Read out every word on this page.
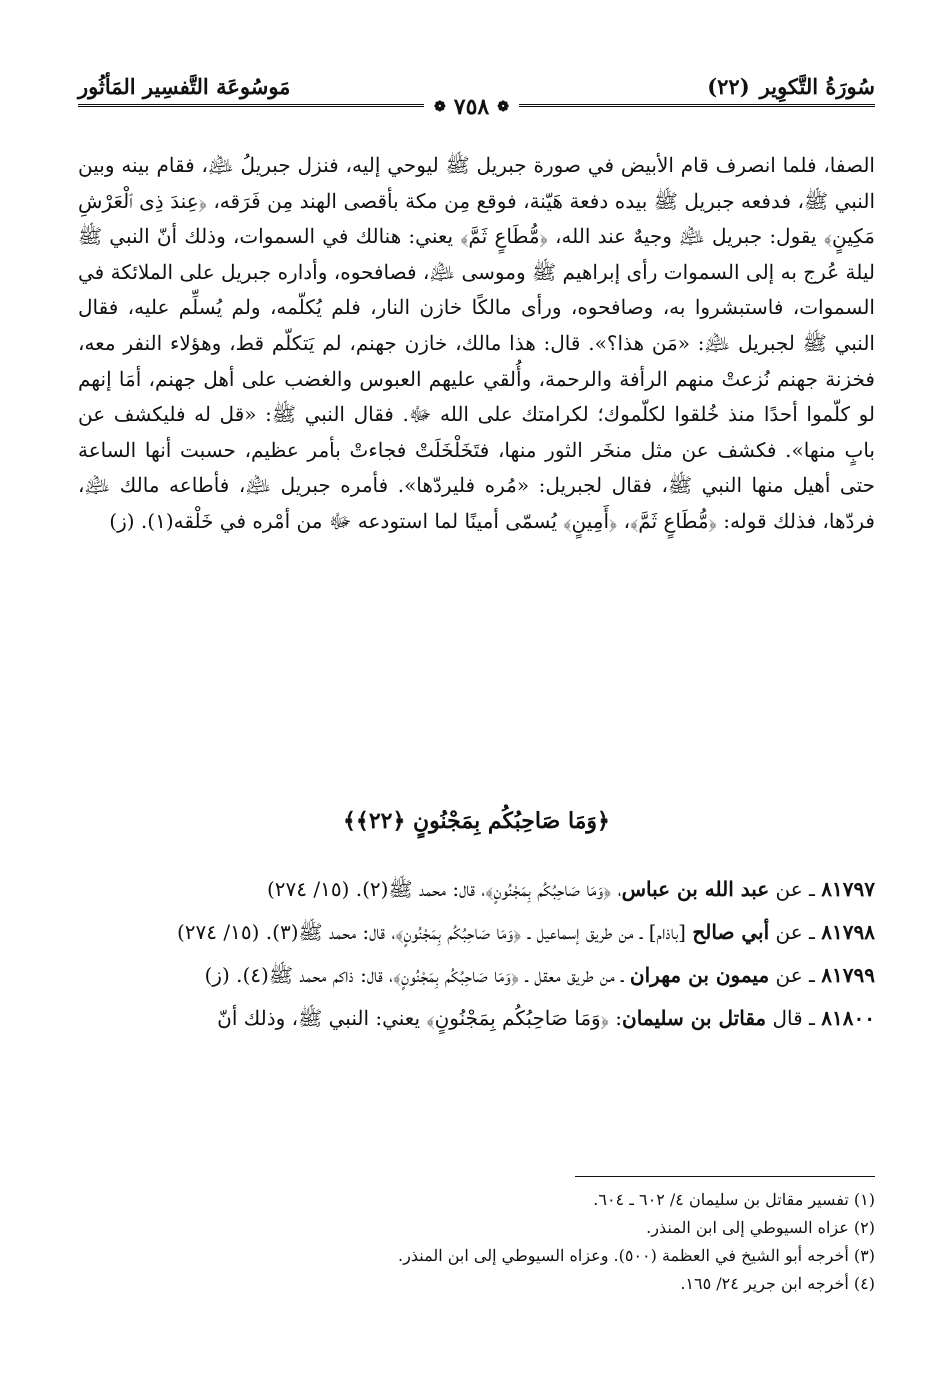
سُورَةُ التَّكوِير
(٢٢)
مَوسُوعَة التَّفسِير المَأثُور
❁
٧٥٨
❁

الصفا، فلما انصرف قام الأبيض في صورة جبريل ﷺ ليوحي إليه، فنزل جبريلُ ﵇، فقام بينه وبين النبي ﷺ، فدفعه جبريل ﷺ بيده دفعة هَيّنة، فوقع مِن مكة بأقصى الهند مِن فَرَقه، ﴿عِندَ ذِى ٱلْعَرْشِ مَكِينٍ﴾ يقول: جبريل ﵇ وجيهٌ عند الله، ﴿مُّطَاعٍ ثَمَّ﴾ يعني: هنالك في السموات، وذلك أنّ النبي ﷺ ليلة عُرج به إلى السموات رأى إبراهيم ﷺ وموسى ﵇، فصافحوه، وأداره جبريل على الملائكة في السموات، فاستبشروا به، وصافحوه، ورأى مالكًا خازن النار، فلم يُكلّمه، ولم يُسلِّم عليه، فقال النبي ﷺ لجبريل ﵇: «مَن هذا؟». قال: هذا مالك، خازن جهنم، لم يَتكلّم قط، وهؤلاء النفر معه، فخزنة جهنم نُزعتْ منهم الرأفة والرحمة، وأُلقي عليهم العبوس والغضب على أهل جهنم، أمَا إنهم لو كلّموا أحدًا منذ خُلقوا لكلّموك؛ لكرامتك على الله ﷻ. فقال النبي ﷺ: «قل له فليكشف عن بابٍ منها». فكشف عن مثل منخَر الثور منها، فتَخَلْخَلَتْ فجاءتْ بأمر عظيم، حسبت أنها الساعة حتى أهيل منها النبي ﷺ، فقال لجبريل: «مُره فليردّها». فأمره جبريل ﵇، فأطاعه مالك ﵇، فردّها، فذلك قوله: ﴿مُّطَاعٍ ثَمَّ﴾، ﴿أَمِينٍ﴾ يُسمّى أمينًا لما استودعه ﷻ من أمْره في خَلْقه(١). (ز)

﴿وَمَا صَاحِبُكُم بِمَجْنُونٍ ﴿٢٢﴾﴾

٨١٧٩٧ ـ عن عبد الله بن عباس، ﴿وَمَا صَاحِبُكُم بِمَجْنُونٍ﴾، قال: محمد ﷺ(٢). (١٥/ ٢٧٤)

٨١٧٩٨ ـ عن أبي صالح [باذام] ـ من طريق إسماعيل ـ ﴿وَمَا صَاحِبُكُم بِمَجْنُونٍ﴾، قال: محمد ﷺ(٣). (١٥/ ٢٧٤)

٨١٧٩٩ ـ عن ميمون بن مهران ـ من طريق معقل ـ ﴿وَمَا صَاحِبُكُم بِمَجْنُونٍ﴾، قال: ذاكم محمد ﷺ(٤). (ز)

٨١٨٠٠ ـ قال مقاتل بن سليمان: ﴿وَمَا صَاحِبُكُم بِمَجْنُونٍ﴾ يعني: النبي ﷺ، وذلك أنّ

(١) تفسير مقاتل بن سليمان ٤/ ٦٠٢ ـ ٦٠٤.

(٢) عزاه السيوطي إلى ابن المنذر.

(٣) أخرجه أبو الشيخ في العظمة (٥٠٠). وعزاه السيوطي إلى ابن المنذر.

(٤) أخرجه ابن جرير ٢٤/ ١٦٥.
